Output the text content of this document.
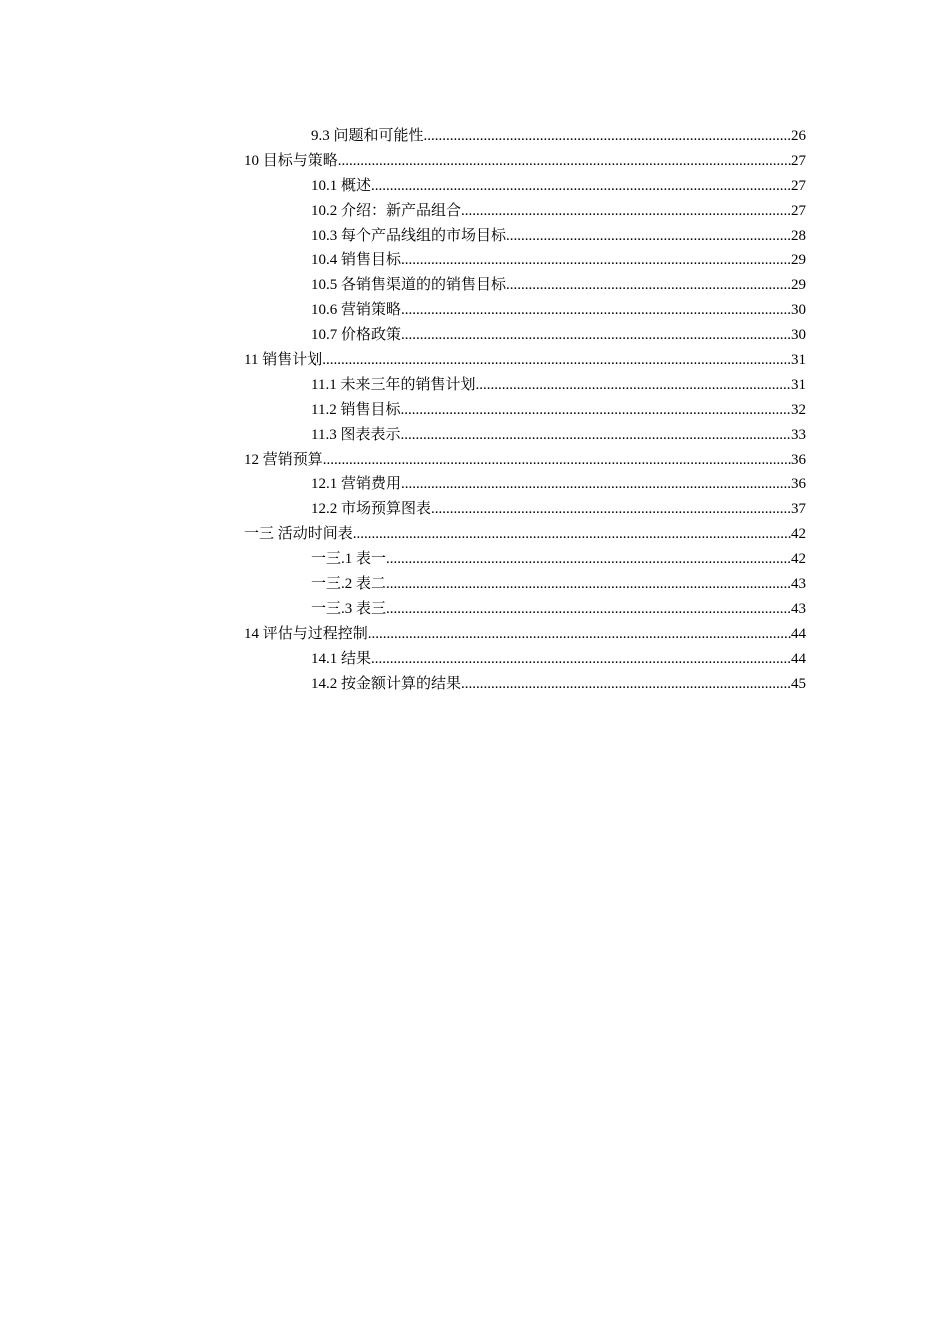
9.3 问题和可能性 .....	26
10 目标与策略 .....	27
10.1 概述 .....	27
10.2 介绍：新产品组合 .....	27
10.3 每个产品线组的市场目标 .....	28
10.4 销售目标 .....	29
10.5 各销售渠道的的销售目标 .....	29
10.6 营销策略 .....	30
10.7 价格政策 .....	30
11 销售计划 .....	31
11.1 未来三年的销售计划 .....	31
11.2 销售目标 .....	32
11.3 图表表示 .....	33
12 营销预算 .....	36
12.1 营销费用 .....	36
12.2 市场预算图表 .....	37
一三 活动时间表 .....	42
一三.1 表一 .....	42
一三.2 表二 .....	43
一三.3 表三 .....	43
14 评估与过程控制 .....	44
14.1 结果 .....	44
14.2 按金额计算的结果 .....	45
